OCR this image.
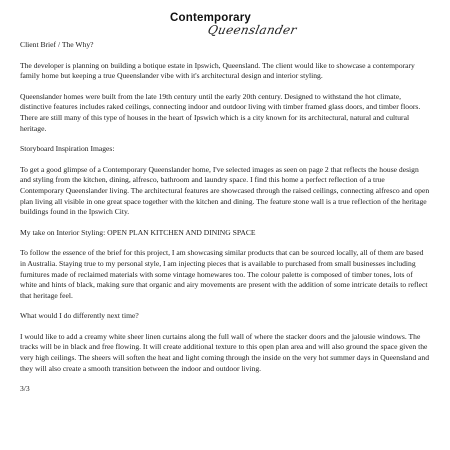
Contemporary
Queenslander

Client Brief / The Why?

The developer is planning on building a botique estate in Ipswich, Queensland. The client would like to showcase a contemporary family home but keeping a true Queenslander vibe with it's architectural design and interior styling.

Queenslander homes were built from the late 19th century until the early 20th century. Designed to withstand the hot climate, distinctive features includes raked ceilings, connecting indoor and outdoor living with timber framed glass doors, and timber floors. There are still many of this type of houses in the heart of Ipswich which is a city known for its architectural, natural and cultural heritage.

Storyboard Inspiration Images:

To get a good glimpse of a Contemporary Queenslander home, I've selected images as seen on page 2 that reflects the house design and styling from the kitchen, dining, alfresco, bathroom and laundry space. I find this home a perfect reflection of a true Contemporary Queenslander living. The architectural features are showcased through the raised ceilings, connecting alfresco and open plan living all visible in one great space together with the kitchen and dining. The feature stone wall is a true reflection of the heritage buildings found in the Ipswich City.

My take on Interior Styling: OPEN PLAN KITCHEN AND DINING SPACE

To follow the essence of the brief for this project, I am showcasing similar products that can be sourced locally, all of them are based in Australia. Staying true to my personal style, I am injecting pieces that is available to purchased from small businesses including furnitures made of reclaimed materials with some vintage homewares too. The colour palette is composed of timber tones, lots of white and hints of black, making sure that organic and airy movements are present with the addition of some intricate details to reflect that heritage feel.

What would I do differently next time?

I would like to add a creamy white sheer linen curtains along the full wall of where the stacker doors and the jalousie windows. The tracks will be in black and free flowing. It will create additional texture to this open plan area and will also ground the space given the very high ceilings. The sheers will soften the heat and light coming through the inside on the very hot summer days in Queensland and they will also create a smooth transition between the indoor and outdoor living.

3/3
